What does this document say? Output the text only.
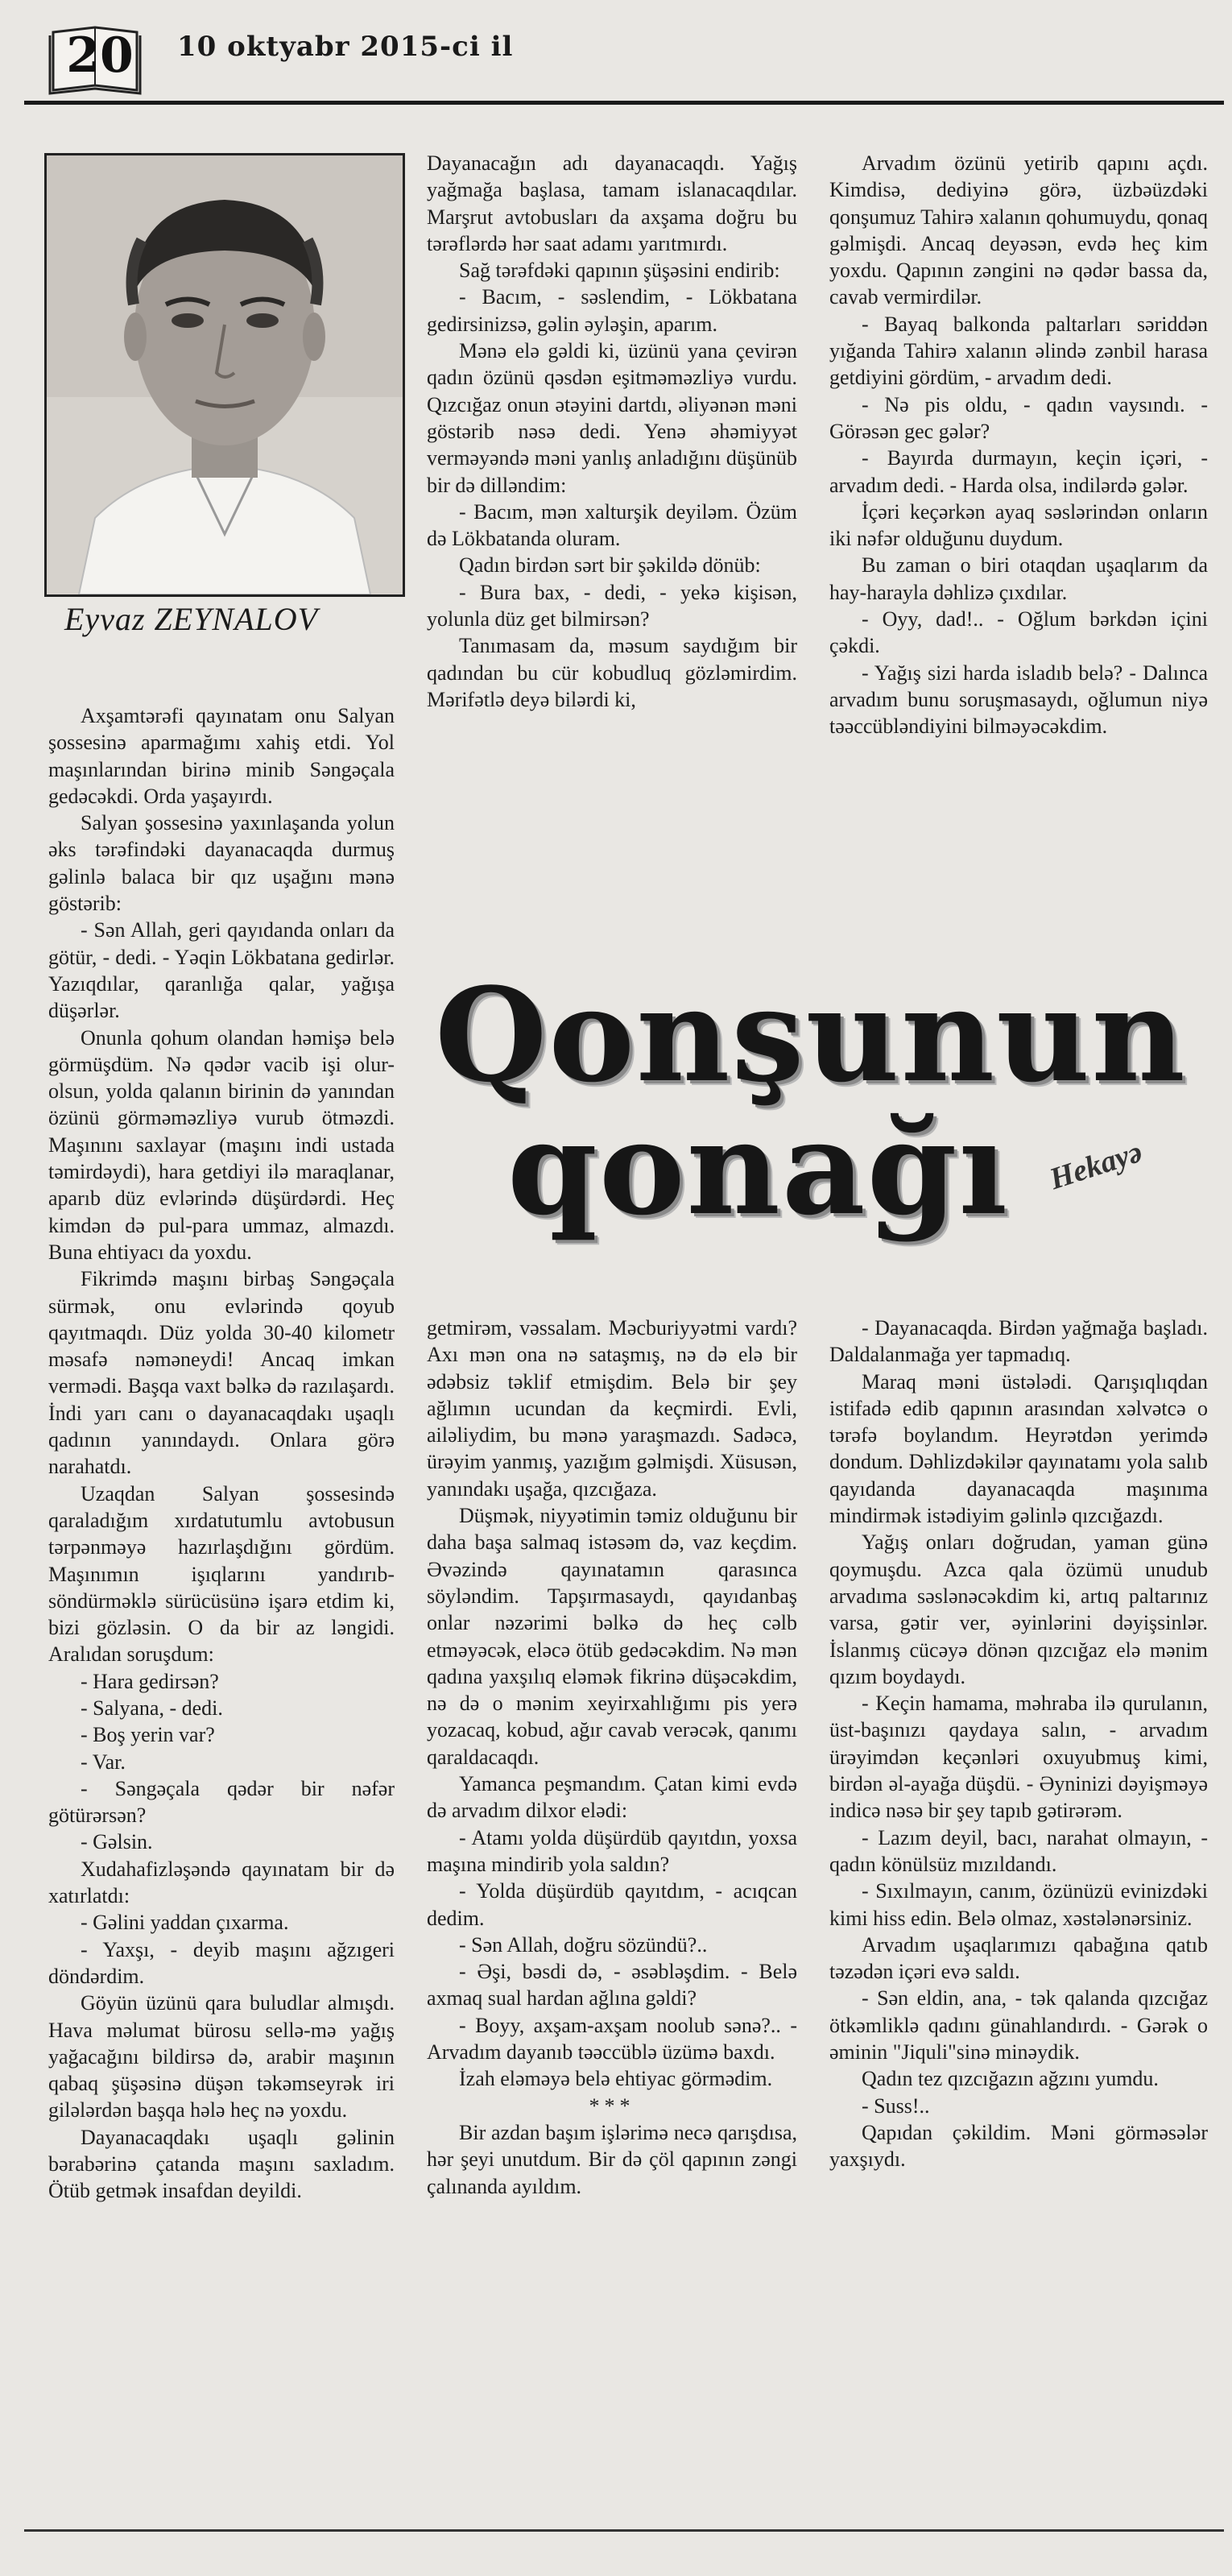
20 10 oktyabr 2015-ci il
Eyvaz ZEYNALOV

Axşamtərəfi qayınatam onu Salyan şossesinə aparmağımı xahiş etdi. Yol maşınlarından birinə minib Səngəçala gedəcəkdi. Orda yaşayırdı.

Salyan şossesinə yaxınlaşanda yolun əks tərəfindəki dayanacaqda durmuş gəlinlə balaca bir qız uşağını mənə göstərib:

- Sən Allah, geri qayıdanda onları da götür, - dedi. - Yəqin Lökbatana gedirlər. Yazıqdılar, qaranlığa qalar, yağışa düşərlər.

Onunla qohum olandan həmişə belə görmüşdüm. Nə qədər vacib işi olur-olsun, yolda qalanın birinin də yanından özünü görməməzliyə vurub ötməzdi. Maşınını saxlayar (maşını indi ustada təmirdəydi), hara getdiyi ilə maraqlanar, aparıb düz evlərində düşürdərdi. Heç kimdən də pul-para ummaz, almazdı. Buna ehtiyacı da yoxdu.

Fikrimdə maşını birbaş Səngəçala sürmək, onu evlərində qoyub qayıtmaqdı. Düz yolda 30-40 kilometr məsafə nəməneydi! Ancaq imkan vermədi. Başqa vaxt bəlkə də razılaşardı. İndi yarı canı o dayanacaqdakı uşaqlı qadının yanındaydı. Onlara görə narahatdı.

Uzaqdan Salyan şossesində qaraladığım xırdatutumlu avtobusun tərpənməyə hazırlaşdığını gördüm. Maşınımın işıqlarını yandırıb-söndürməklə sürücüsünə işarə etdim ki, bizi gözləsin. O da bir az ləngidi. Aralıdan soruşdum:

- Hara gedirsən?

- Salyana, - dedi.

- Boş yerin var?

- Var.

- Səngəçala qədər bir nəfər götürərsən?

- Gəlsin.

Xudahafizləşəndə qayınatam bir də xatırlatdı:

- Gəlini yaddan çıxarma.

- Yaxşı, - deyib maşını ağzıgeri döndərdim.

Göyün üzünü qara buludlar almışdı. Hava məlumat bürosu sellə-mə yağış yağacağını bildirsə də, arabir maşının qabaq şüşəsinə düşən təkəmseyrək iri gilələrdən başqa hələ heç nə yoxdu.

Dayanacaqdakı uşaqlı gəlinin bərabərinə çatanda maşını saxladım. Ötüb getmək insafdan deyildi.

Dayanacağın adı dayanacaqdı. Yağış yağmağa başlasa, tamam islanacaqdılar. Marşrut avtobusları da axşama doğru bu tərəflərdə hər saat adamı yarıtmırdı.

Sağ tərəfdəki qapının şüşəsini endirib:

- Bacım, - səslendim, - Lökbatana gedirsinizsə, gəlin əyləşin, aparım.

Mənə elə gəldi ki, üzünü yana çevirən qadın özünü qəsdən eşitməməzliyə vurdu. Qızcığaz onun ətəyini dartdı, əliyənən məni göstərib nəsə dedi. Yenə əhəmiyyət verməyəndə məni yanlış anladığını düşünüb bir də dilləndim:

- Bacım, mən xalturşik deyiləm. Özüm də Lökbatanda oluram.

Qadın birdən sərt bir şəkildə dönüb:

- Bura bax, - dedi, - yekə kişisən, yolunla düz get bilmirsən?

Tanımasam da, məsum saydığım bir qadından bu cür kobudluq gözləmirdim. Mərifətlə deyə bilərdi ki,

Arvadım özünü yetirib qapını açdı. Kimdisə, dediyinə görə, üzbəüzdəki qonşumuz Tahirə xalanın qohumuydu, qonaq gəlmişdi. Ancaq deyəsən, evdə heç kim yoxdu. Qapının zəngini nə qədər bassa da, cavab vermirdilər.

- Bayaq balkonda paltarları səriddən yığanda Tahirə xalanın əlində zənbil harasa getdiyini gördüm, - arvadım dedi.

- Nə pis oldu, - qadın vaysındı. - Görəsən gec gələr?

- Bayırda durmayın, keçin içəri, - arvadım dedi. - Harda olsa, indilərdə gələr.

İçəri keçərkən ayaq səslərindən onların iki nəfər olduğunu duydum.

Bu zaman o biri otaqdan uşaqlarım da hay-harayla dəhlizə çıxdılar.

- Oyy, dad!.. - Oğlum bərkdən içini çəkdi.

- Yağış sizi harda isladıb belə? - Dalınca arvadım bunu soruşmasaydı, oğlumun niyə təəccübləndiyini bilməyəcəkdim.

Qonşunun
qonağı Hekayə

getmirəm, vəssalam. Məcburiyyətmi vardı? Axı mən ona nə sataşmış, nə də elə bir ədəbsiz təklif etmişdim. Belə bir şey ağlımın ucundan da keçmirdi. Evli, ailəliydim, bu mənə yaraşmazdı. Sadəcə, ürəyim yanmış, yazığım gəlmişdi. Xüsusən, yanındakı uşağa, qızcığaza.

Düşmək, niyyətimin təmiz olduğunu bir daha başa salmaq istəsəm də, vaz keçdim. Əvəzində qayınatamın qarasınca söyləndim. Tapşırmasaydı, qayıdanbaş onlar nəzərimi bəlkə də heç cəlb etməyəcək, eləcə ötüb gedəcəkdim. Nə mən qadına yaxşılıq eləmək fikrinə düşəcəkdim, nə də o mənim xeyirxahlığımı pis yerə yozacaq, kobud, ağır cavab verəcək, qanımı qaraldacaqdı.

Yamanca peşmandım. Çatan kimi evdə də arvadım dilxor elədi:

- Atamı yolda düşürdüb qayıtdın, yoxsa maşına mindirib yola saldın?

- Yolda düşürdüb qayıtdım, - acıqcan dedim.

- Sən Allah, doğru sözündü?..

- Əşi, bəsdi də, - əsəbləşdim. - Belə axmaq sual hardan ağlına gəldi?

- Boyy, axşam-axşam noolub sənə?.. - Arvadım dayanıb təəccüblə üzümə baxdı.

İzah eləməyə belə ehtiyac görmədim.

***

Bir azdan başım işlərimə necə qarışdısa, hər şeyi unutdum. Bir də çöl qapının zəngi çalınanda ayıldım.

- Dayanacaqda. Birdən yağmağa başladı. Daldalanmağa yer tapmadıq.

Maraq məni üstələdi. Qarışıqlıqdan istifadə edib qapının arasından xəlvətcə o tərəfə boylandım. Heyrətdən yerimdə dondum. Dəhlizdəkilər qayınatamı yola salıb qayıdanda dayanacaqda maşınıma mindirmək istədiyim gəlinlə qızcığazdı.

Yağış onları doğrudan, yaman günə qoymuşdu. Azca qala özümü unudub arvadıma səslənəcəkdim ki, artıq paltarınız varsa, gətir ver, əyinlərini dəyişsinlər. İslanmış cücəyə dönən qızcığaz elə mənim qızım boydaydı.

- Keçin hamama, məhraba ilə qurulanın, üst-başınızı qaydaya salın, - arvadım ürəyimdən keçənləri oxuyubmuş kimi, birdən əl-ayağa düşdü. - Əyninizi dəyişməyə indicə nəsə bir şey tapıb gətirərəm.

- Lazım deyil, bacı, narahat olmayın, - qadın könülsüz mızıldandı.

- Sıxılmayın, canım, özünüzü evinizdəki kimi hiss edin. Belə olmaz, xəstələnərsiniz.

Arvadım uşaqlarımızı qabağına qatıb təzədən içəri evə saldı.

- Sən eldin, ana, - tək qalanda qızcığaz ötkəmliklə qadını günahlandırdı. - Gərək o əminin "Jiquli"sinə minəydik.

Qadın tez qızcığazın ağzını yumdu.

- Suss!..

Qapıdan çəkildim. Məni görməsələr yaxşıydı.
